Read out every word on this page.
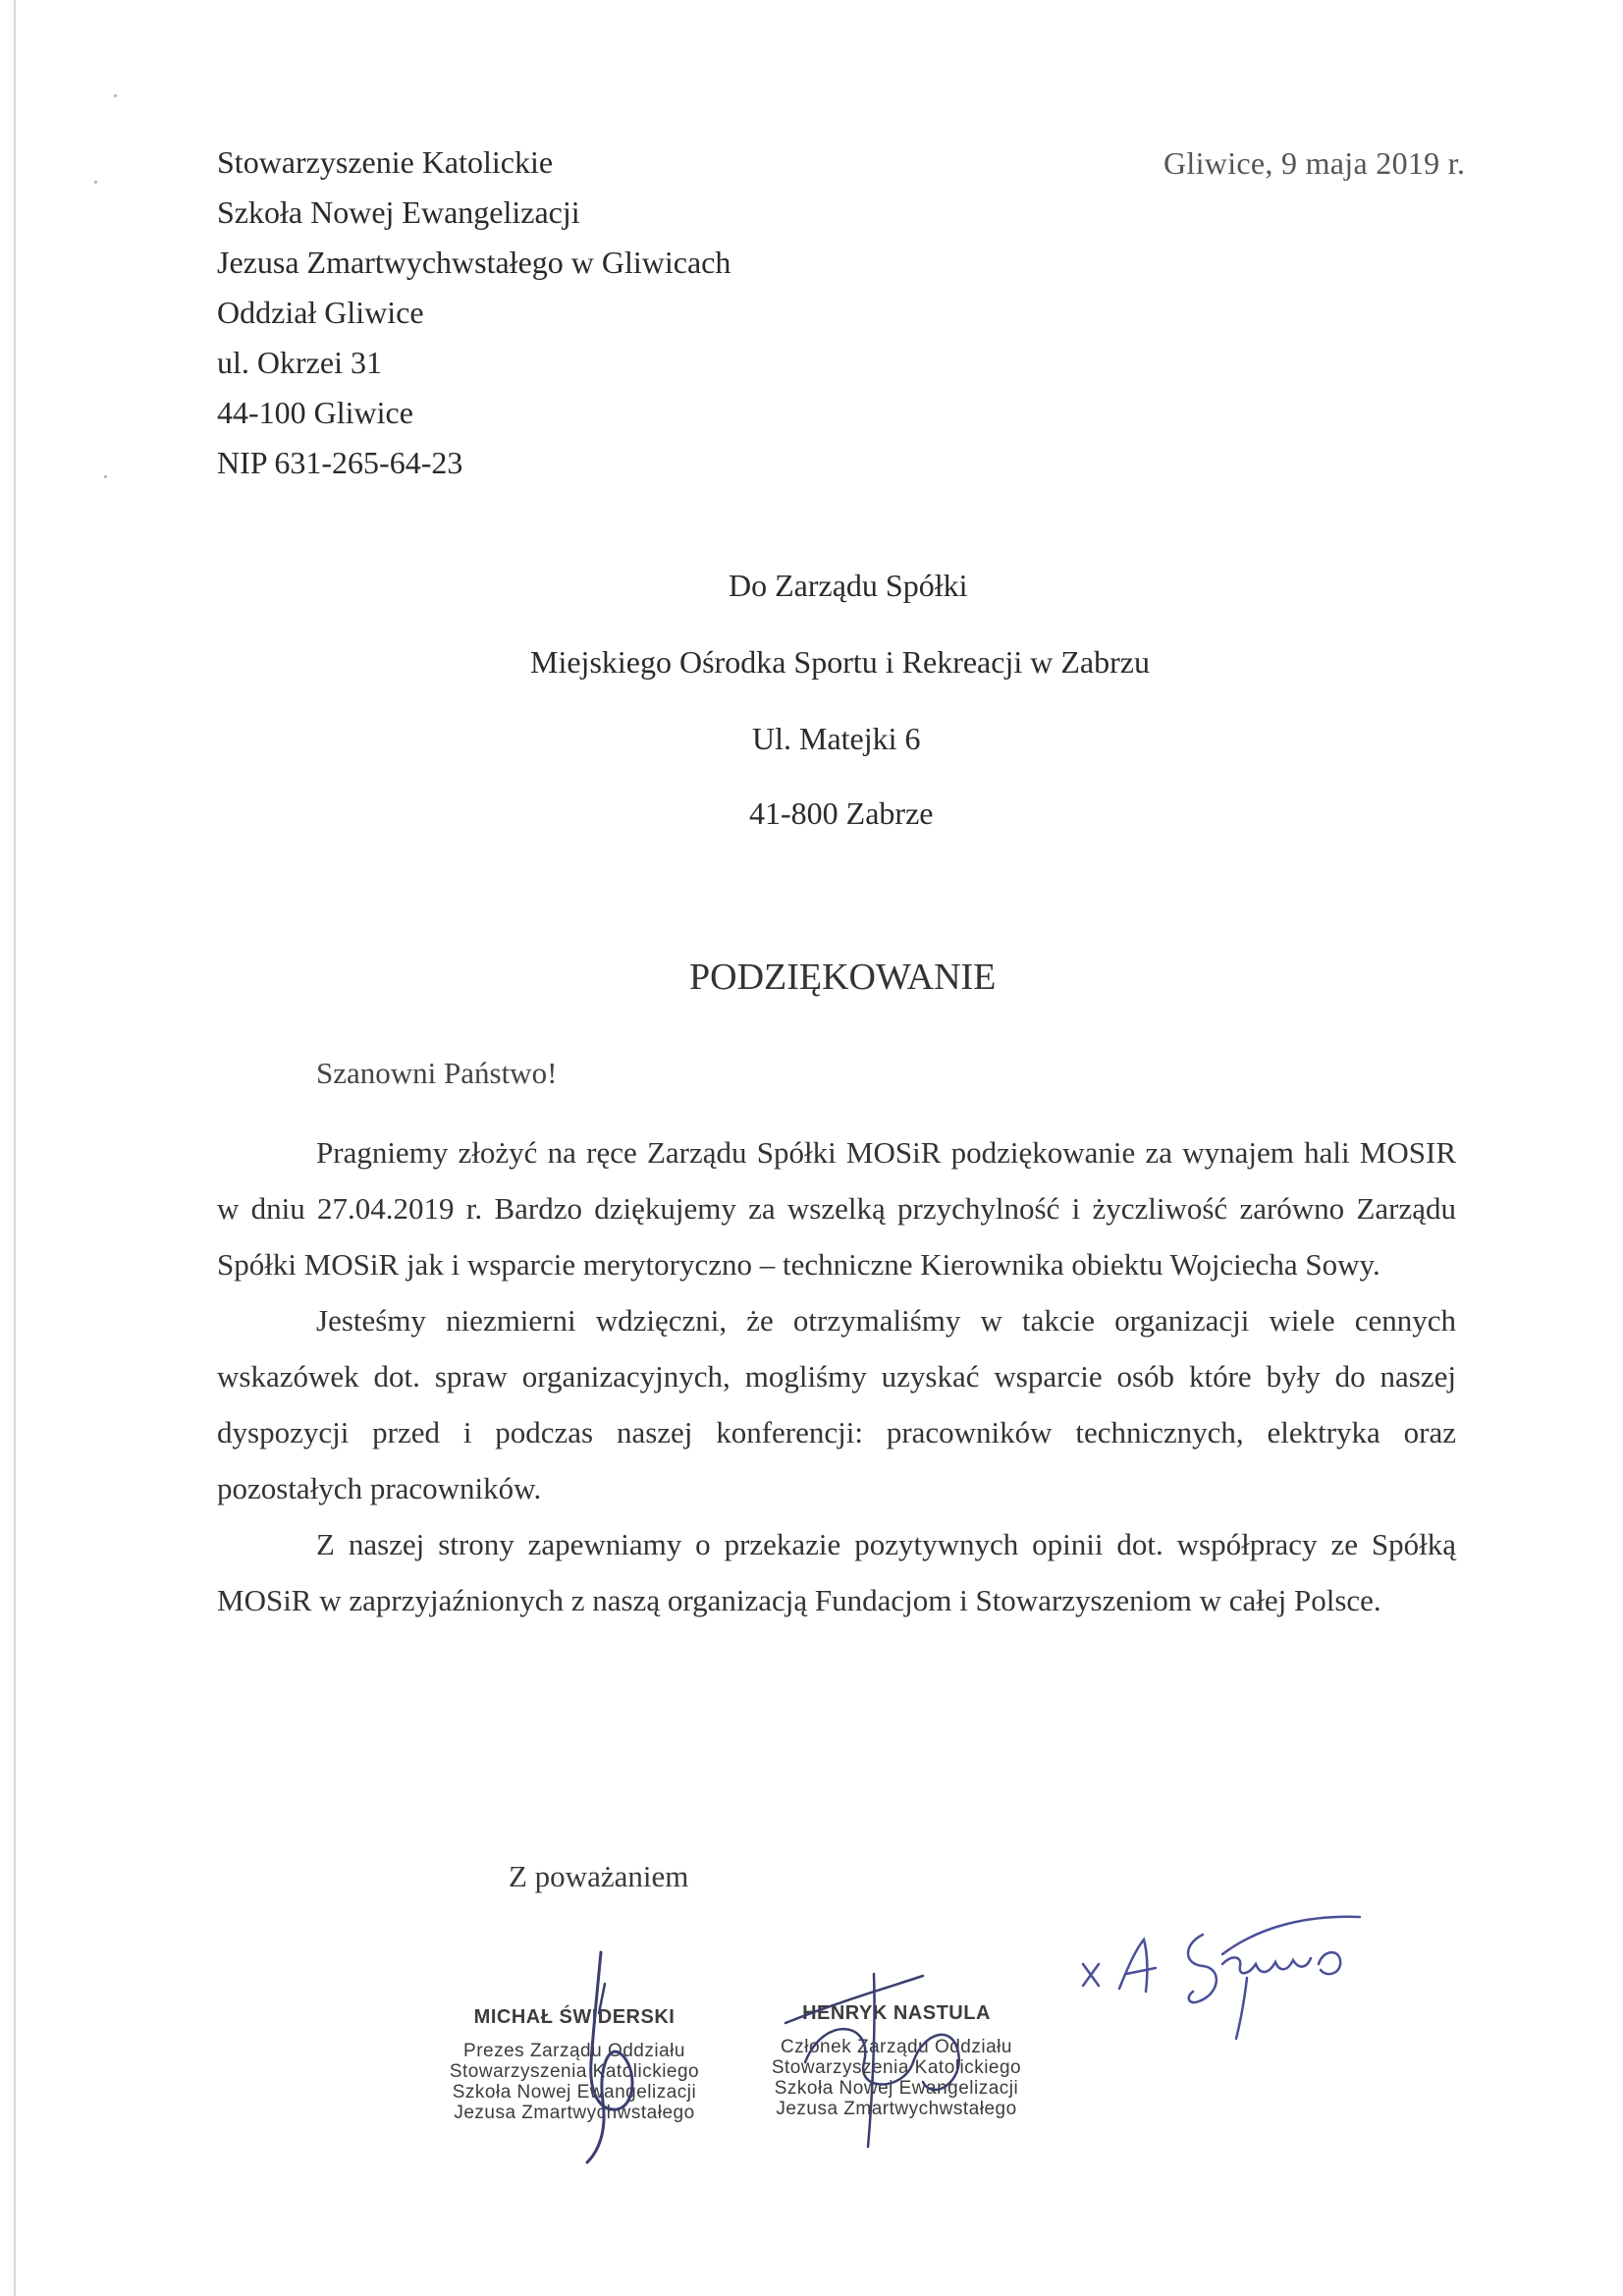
Stowarzyszenie Katolickie
Szkoła Nowej Ewangelizacji
Jezusa Zmartwychwstałego w Gliwicach
Oddział Gliwice
ul. Okrzei 31
44-100 Gliwice
NIP 631-265-64-23
Gliwice, 9 maja 2019 r.
Do Zarządu Spółki
Miejskiego Ośrodka Sportu i Rekreacji w Zabrzu
Ul. Matejki 6
41-800 Zabrze
PODZIĘKOWANIE
Szanowni Państwo!

Pragniemy złożyć na ręce Zarządu Spółki MOSiR podziękowanie za wynajem hali MOSIR w dniu 27.04.2019 r. Bardzo dziękujemy za wszelką przychylność i życzliwość zarówno Zarządu Spółki MOSiR jak i wsparcie merytoryczno – techniczne Kierownika obiektu Wojciecha Sowy.

Jesteśmy niezmierni wdzięczni, że otrzymaliśmy w takcie organizacji wiele cennych wskazówek dot. spraw organizacyjnych, mogliśmy uzyskać wsparcie osób które były do naszej dyspozycji przed i podczas naszej konferencji: pracowników technicznych, elektryka oraz pozostałych pracowników.

Z naszej strony zapewniamy o przekazie pozytywnych opinii dot. współpracy ze Spółką MOSiR w zaprzyjaźnionych z naszą organizacją Fundacjom i Stowarzyszeniom w całej Polsce.

Z poważaniem
MICHAŁ ŚWIDERSKI
Prezes Zarządu Oddziału
Stowarzyszenia Katolickiego
Szkoła Nowej Ewangelizacji
Jezusa Zmartwychwstałego
HENRYK NASTULA
Członek Zarządu Oddziału
Stowarzyszenia Katolickiego
Szkoła Nowej Ewangelizacji
Jezusa Zmartwychwstałego
